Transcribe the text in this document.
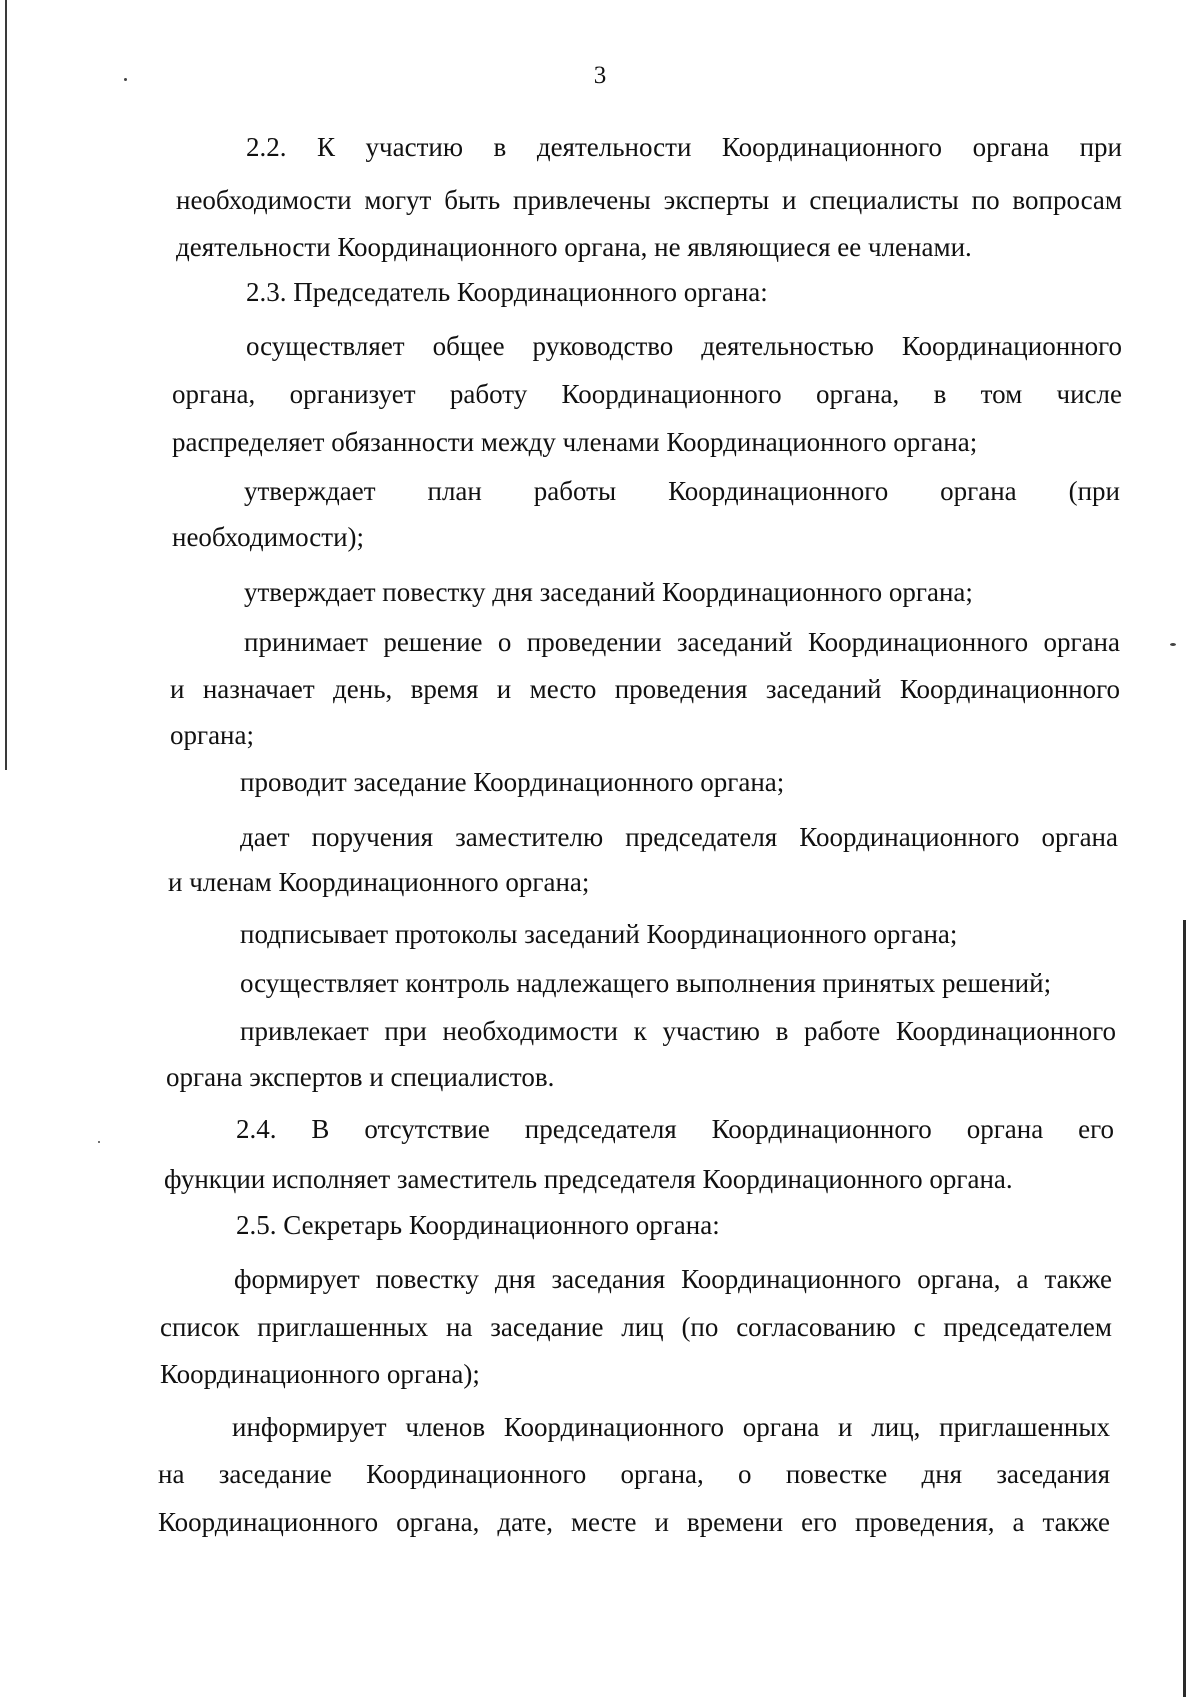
3
2.2. К участию в деятельности Координационного органа при
необходимости могут быть привлечены эксперты и специалисты по вопросам
деятельности Координационного органа, не являющиеся ее членами.
2.3. Председатель Координационного органа:
осуществляет общее руководство деятельностью Координационного
органа, организует работу Координационного органа, в том числе
распределяет обязанности между членами Координационного органа;
утверждает план работы Координационного органа (при
необходимости);
утверждает повестку дня заседаний Координационного органа;
принимает решение о проведении заседаний Координационного органа
и назначает день, время и место проведения заседаний Координационного
органа;
проводит заседание Координационного органа;
дает поручения заместителю председателя Координационного органа
и членам Координационного органа;
подписывает протоколы заседаний Координационного органа;
осуществляет контроль надлежащего выполнения принятых решений;
привлекает при необходимости к участию в работе Координационного
органа экспертов и специалистов.
2.4. В отсутствие председателя Координационного органа его
функции исполняет заместитель председателя Координационного органа.
2.5. Секретарь Координационного органа:
формирует повестку дня заседания Координационного органа, а также
список приглашенных на заседание лиц (по согласованию с председателем
Координационного органа);
информирует членов Координационного органа и лиц, приглашенных
на заседание Координационного органа, о повестке дня заседания
Координационного органа, дате, месте и времени его проведения, а также
